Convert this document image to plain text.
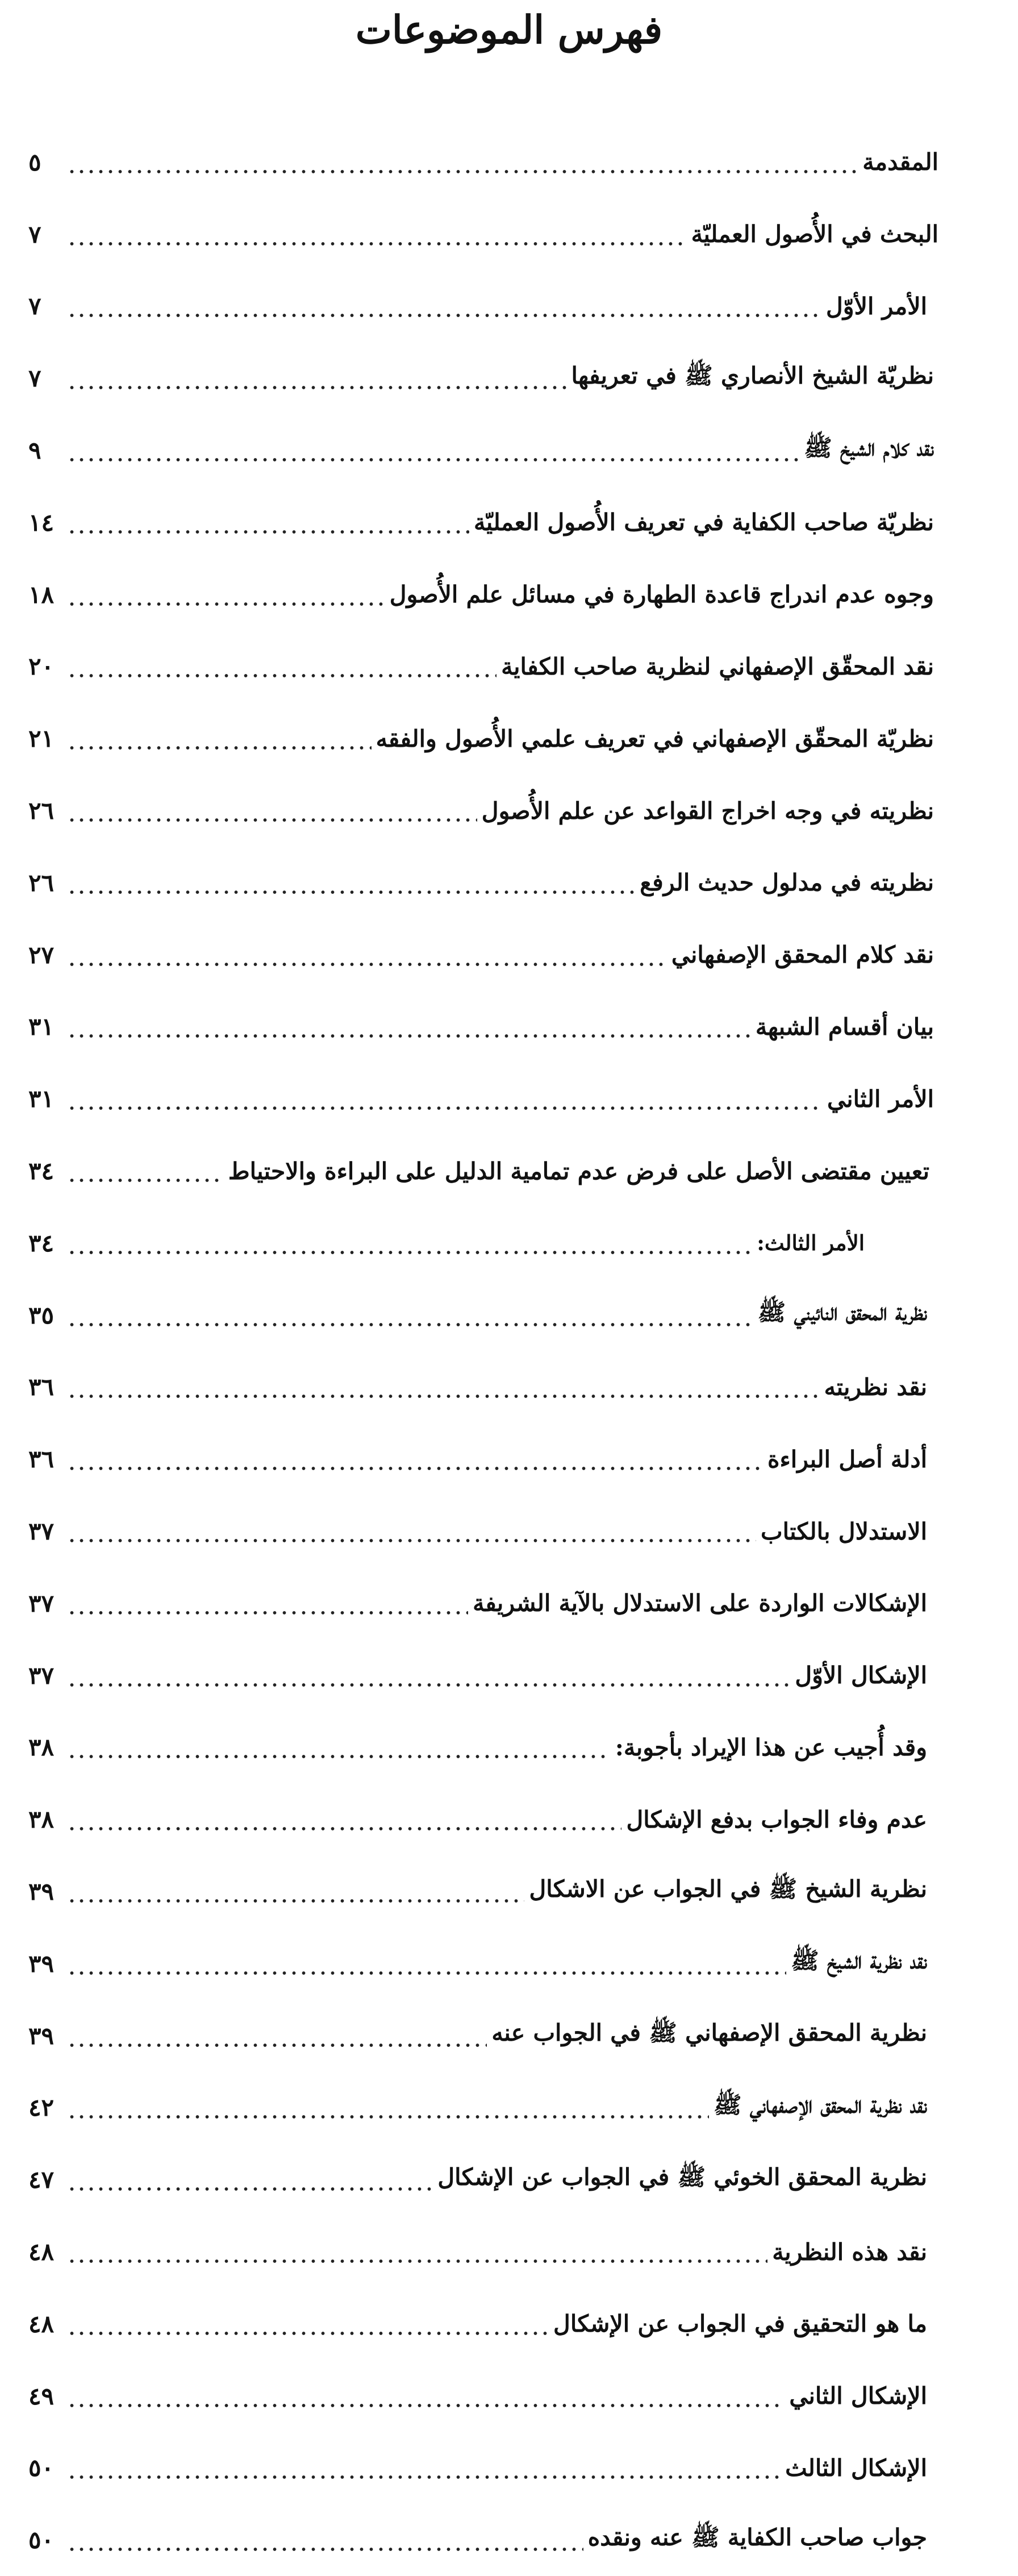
فهرس الموضوعات
المقدمة
٥
البحث في الأُصول العمليّة
٧
الأمر الأوّل
٧
نظريّة الشيخ الأنصاري ﷺ في تعريفها
٧
نقد كلام الشيخ ﷺ
٩
نظريّة صاحب الكفاية في تعريف الأُصول العمليّة
١٤
وجوه عدم اندراج قاعدة الطهارة في مسائل علم الأُصول
١٨
نقد المحقّق الإصفهاني لنظرية صاحب الكفاية
٢٠
نظريّة المحقّق الإصفهاني في تعريف علمي الأُصول والفقه
٢١
نظريته في وجه اخراج القواعد عن علم الأُصول
٢٦
نظريته في مدلول حديث الرفع
٢٦
نقد كلام المحقق الإصفهاني
٢٧
بيان أقسام الشبهة
٣١
الأمر الثاني
٣١
تعيين مقتضى الأصل على فرض عدم تمامية الدليل على البراءة والاحتياط
٣٤
الأمر الثالث:
٣٤
نظرية المحقق النائيني ﷺ
٣٥
نقد نظريته
٣٦
أدلة أصل البراءة
٣٦
الاستدلال بالكتاب
٣٧
الإشكالات الواردة على الاستدلال بالآية الشريفة
٣٧
الإشكال الأوّل
٣٧
وقد أُجيب عن هذا الإيراد بأجوبة:
٣٨
عدم وفاء الجواب بدفع الإشكال
٣٨
نظرية الشيخ ﷺ في الجواب عن الاشكال
٣٩
نقد نظرية الشيخ ﷺ
٣٩
نظرية المحقق الإصفهاني ﷺ في الجواب عنه
٣٩
نقد نظرية المحقق الإصفهاني ﷺ
٤٢
نظرية المحقق الخوئي ﷺ في الجواب عن الإشكال
٤٧
نقد هذه النظرية
٤٨
ما هو التحقيق في الجواب عن الإشكال
٤٨
الإشكال الثاني
٤٩
الإشكال الثالث
٥٠
جواب صاحب الكفاية ﷺ عنه ونقده
٥٠
